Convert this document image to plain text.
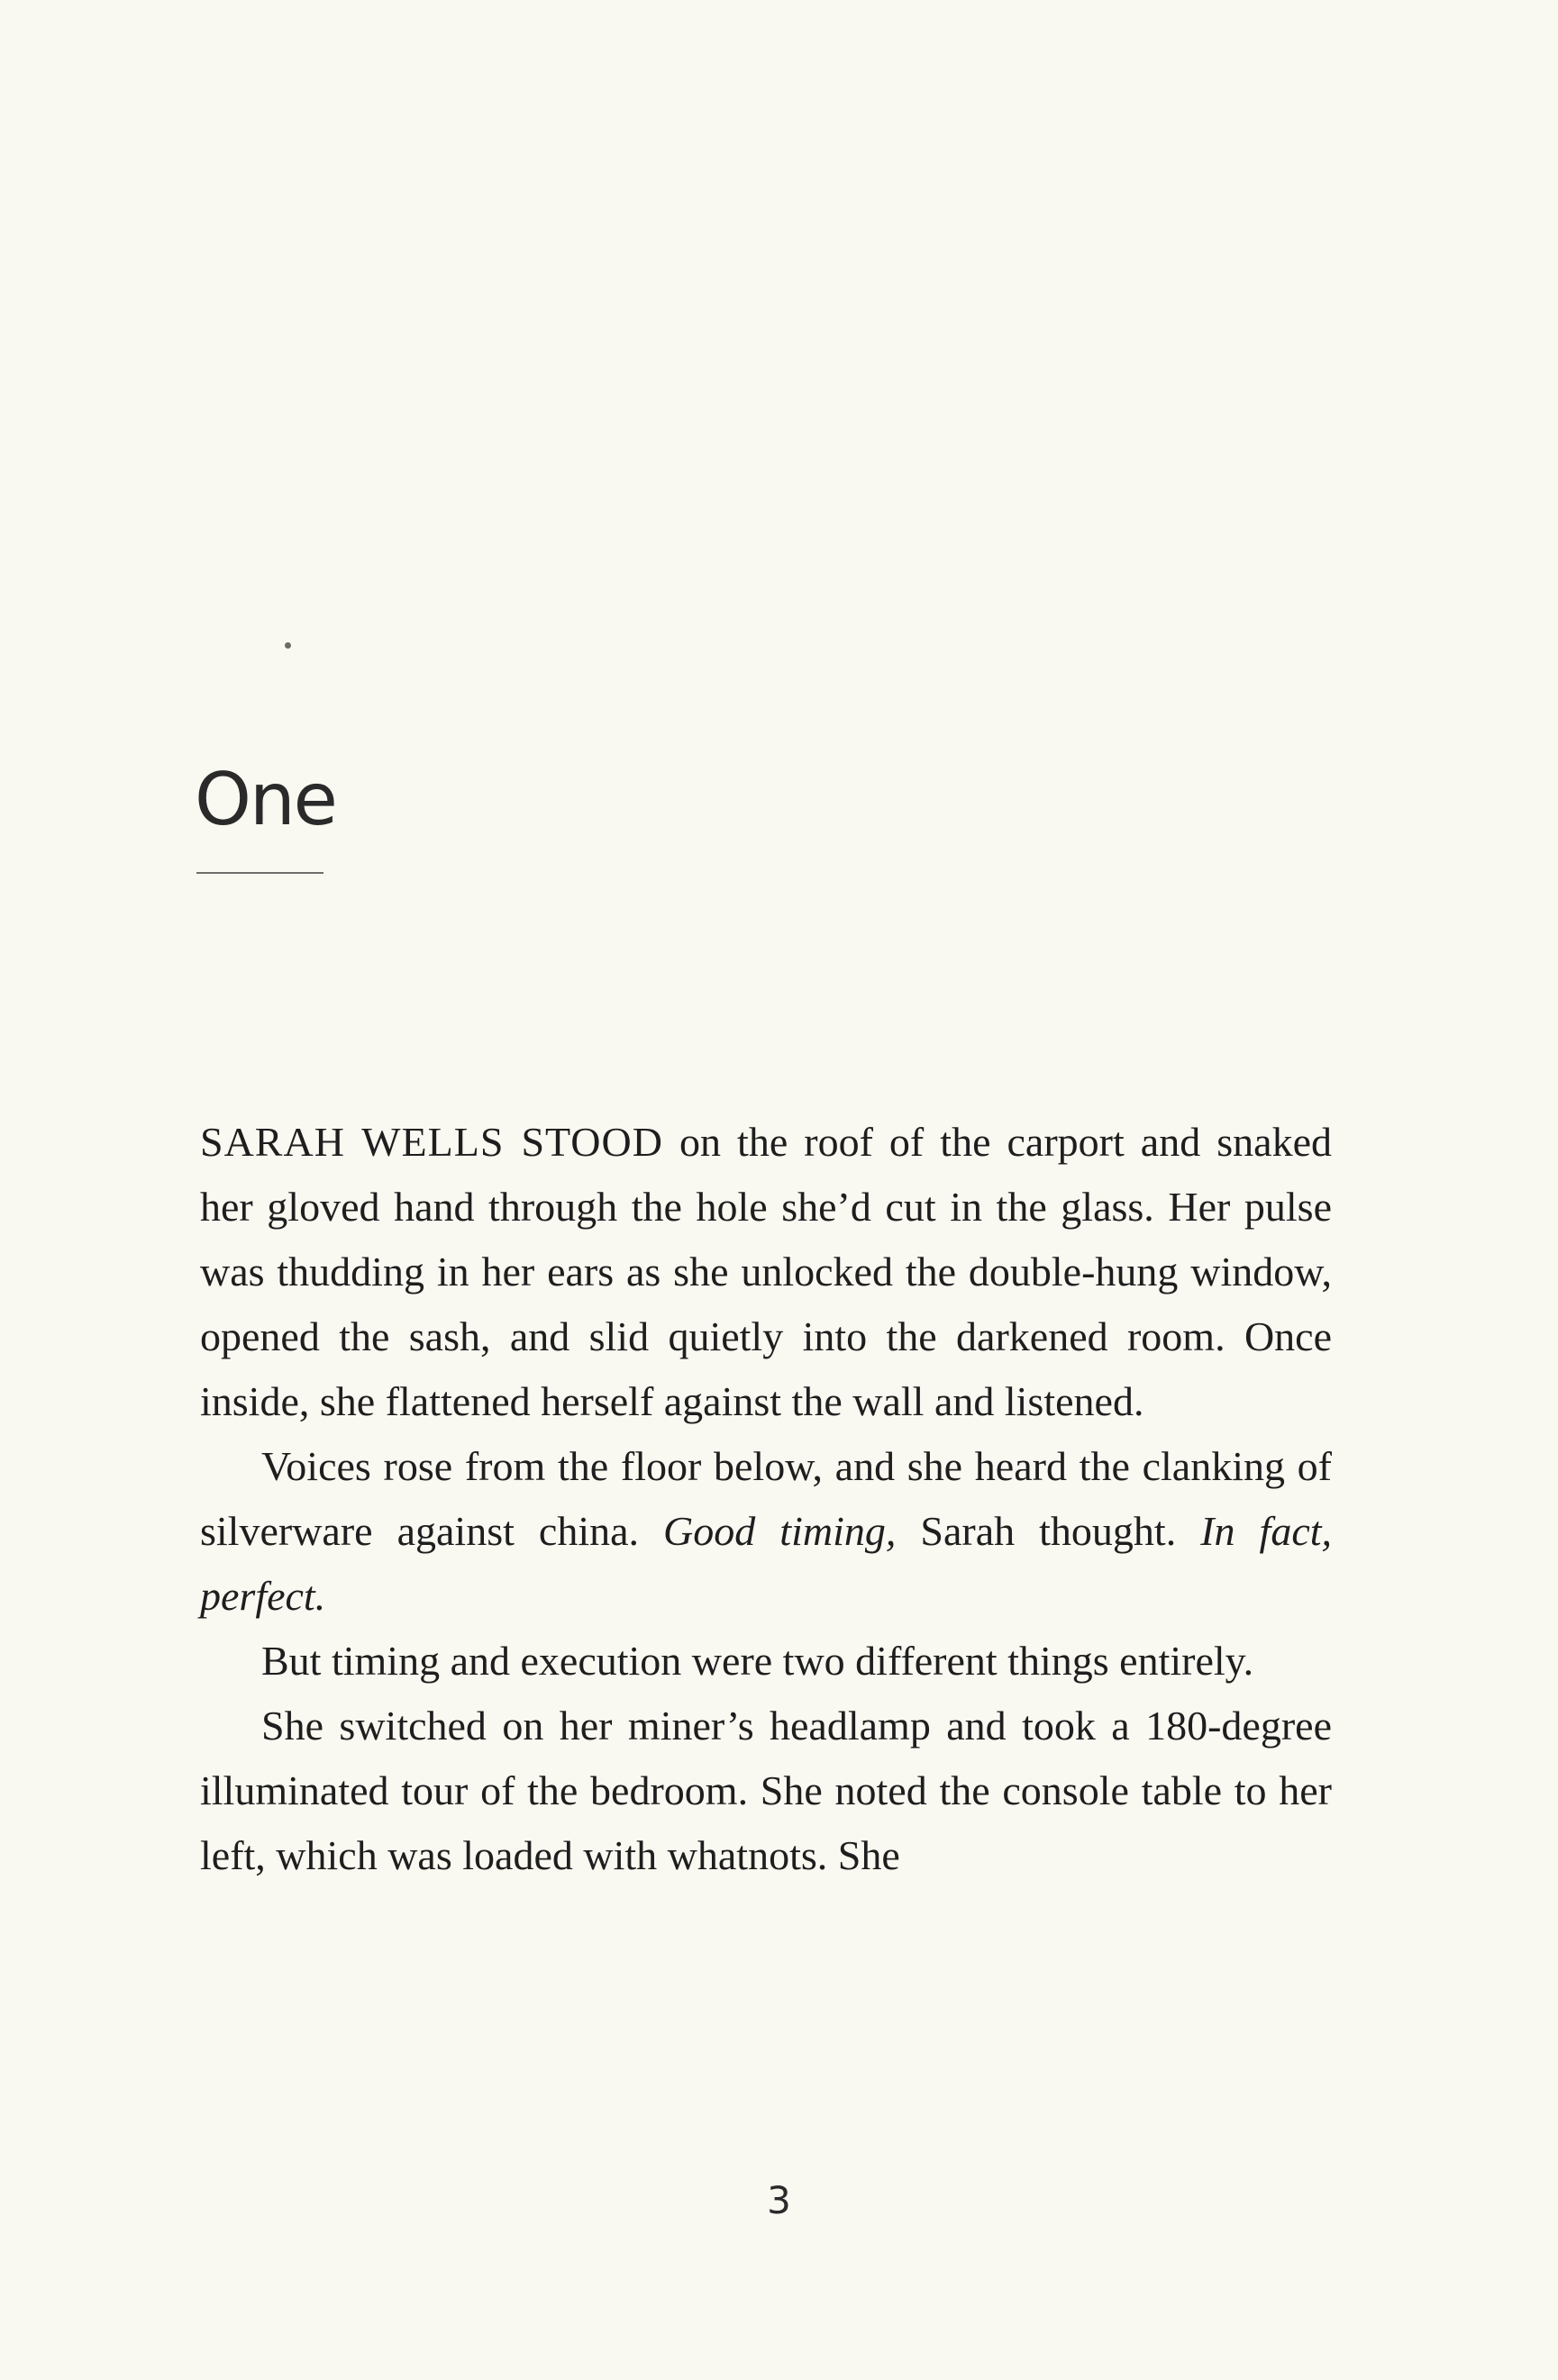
One

SARAH WELLS STOOD on the roof of the carport and snaked her gloved hand through the hole she’d cut in the glass. Her pulse was thudding in her ears as she unlocked the double-hung window, opened the sash, and slid quietly into the darkened room. Once inside, she flattened herself against the wall and listened.

Voices rose from the floor below, and she heard the clanking of silverware against china. Good timing, Sarah thought. In fact, perfect.

But timing and execution were two different things entirely.

She switched on her miner’s headlamp and took a 180-degree illuminated tour of the bedroom. She noted the console table to her left, which was loaded with whatnots. She

3
